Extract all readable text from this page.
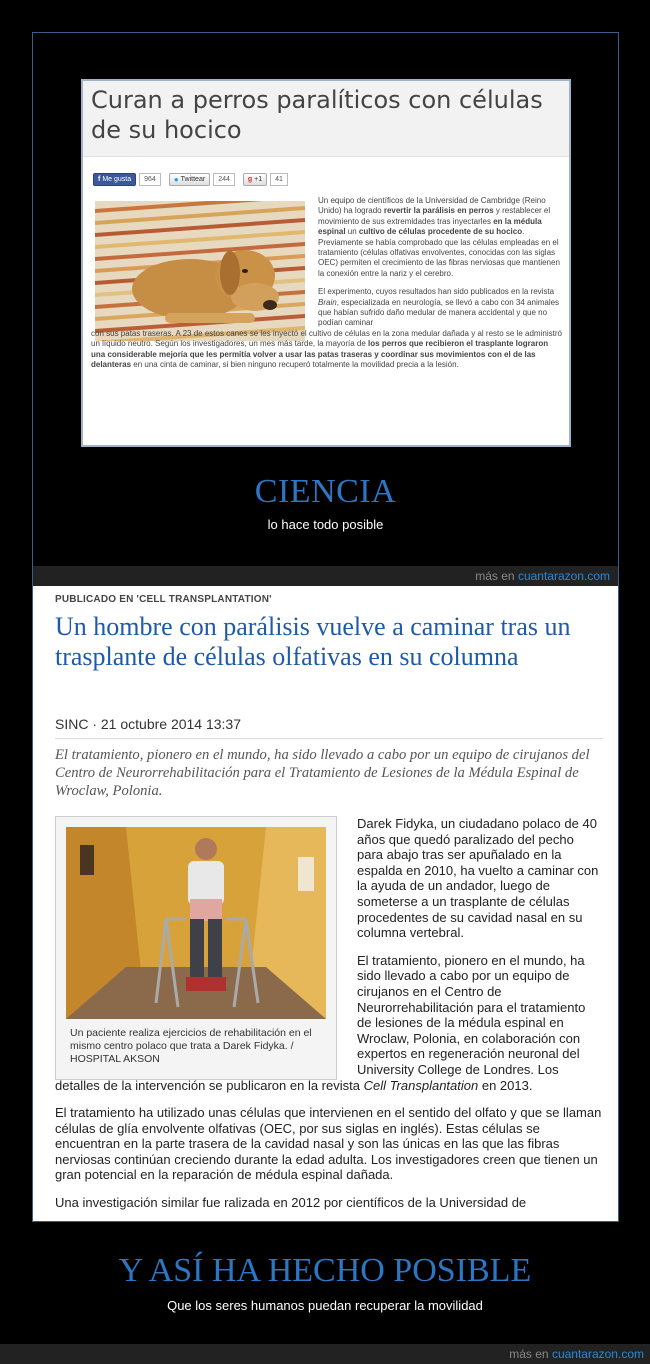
Curan a perros paralíticos con células de su hocico
f Me gusta	964	● Twittear	244	g +1	41
Un equipo de científicos de la Universidad de Cambridge (Reino Unido) ha logrado revertir la parálisis en perros y restablecer el movimiento de sus extremidades tras inyectarles en la médula espinal un cultivo de células procedente de su hocico. Previamente se había comprobado que las células empleadas en el tratamiento (células olfativas envolventes, conocidas con las siglas OEC) permiten el crecimiento de las fibras nerviosas que mantienen la conexión entre la nariz y el cerebro.
El experimento, cuyos resultados han sido publicados en la revista Brain, especializada en neurología, se llevó a cabo con 34 animales que habían sufrido daño medular de manera accidental y que no podían caminar
con sus patas traseras. A 23 de estos canes se les inyectó el cultivo de células en la zona medular dañada y al resto se le administró un líquido neutro. Según los investigadores, un mes más tarde, la mayoría de los perros que recibieron el trasplante lograron una considerable mejoría que les permitía volver a usar las patas traseras y coordinar sus movimientos con el de las delanteras en una cinta de caminar, si bien ninguno recuperó totalmente la movilidad precia a la lesión.
CIENCIA
lo hace todo posible
más en cuantarazon.com
PUBLICADO EN 'CELL TRANSPLANTATION'
Un hombre con parálisis vuelve a caminar tras un trasplante de células olfativas en su columna
SINC · 21 octubre 2014 13:37
El tratamiento, pionero en el mundo, ha sido llevado a cabo por un equipo de cirujanos del Centro de Neurorrehabilitación para el Tratamiento de Lesiones de la Médula Espinal de Wroclaw, Polonia.
Un paciente realiza ejercicios de rehabilitación en el mismo centro polaco que trata a Darek Fidyka. / HOSPITAL AKSON

Darek Fidyka, un ciudadano polaco de 40 años que quedó paralizado del pecho para abajo tras ser apuñalado en la espalda en 2010, ha vuelto a caminar con la ayuda de un andador, luego de someterse a un trasplante de células procedentes de su cavidad nasal en su columna vertebral.

El tratamiento, pionero en el mundo, ha sido llevado a cabo por un equipo de cirujanos en el Centro de Neurorrehabilitación para el tratamiento de lesiones de la médula espinal en Wroclaw, Polonia, en colaboración con expertos en regeneración neuronal del University College de Londres. Los

detalles de la intervención se publicaron en la revista Cell Transplantation en 2013.

El tratamiento ha utilizado unas células que intervienen en el sentido del olfato y que se llaman células de glía envolvente olfativas (OEC, por sus siglas en inglés). Estas células se encuentran en la parte trasera de la cavidad nasal y son las únicas en las que las fibras nerviosas continúan creciendo durante la edad adulta. Los investigadores creen que tienen un gran potencial en la reparación de médula espinal dañada.

Una investigación similar fue ralizada en 2012 por científicos de la Universidad de

Y ASÍ HA HECHO POSIBLE
Que los seres humanos puedan recuperar la movilidad
más en cuantarazon.com
